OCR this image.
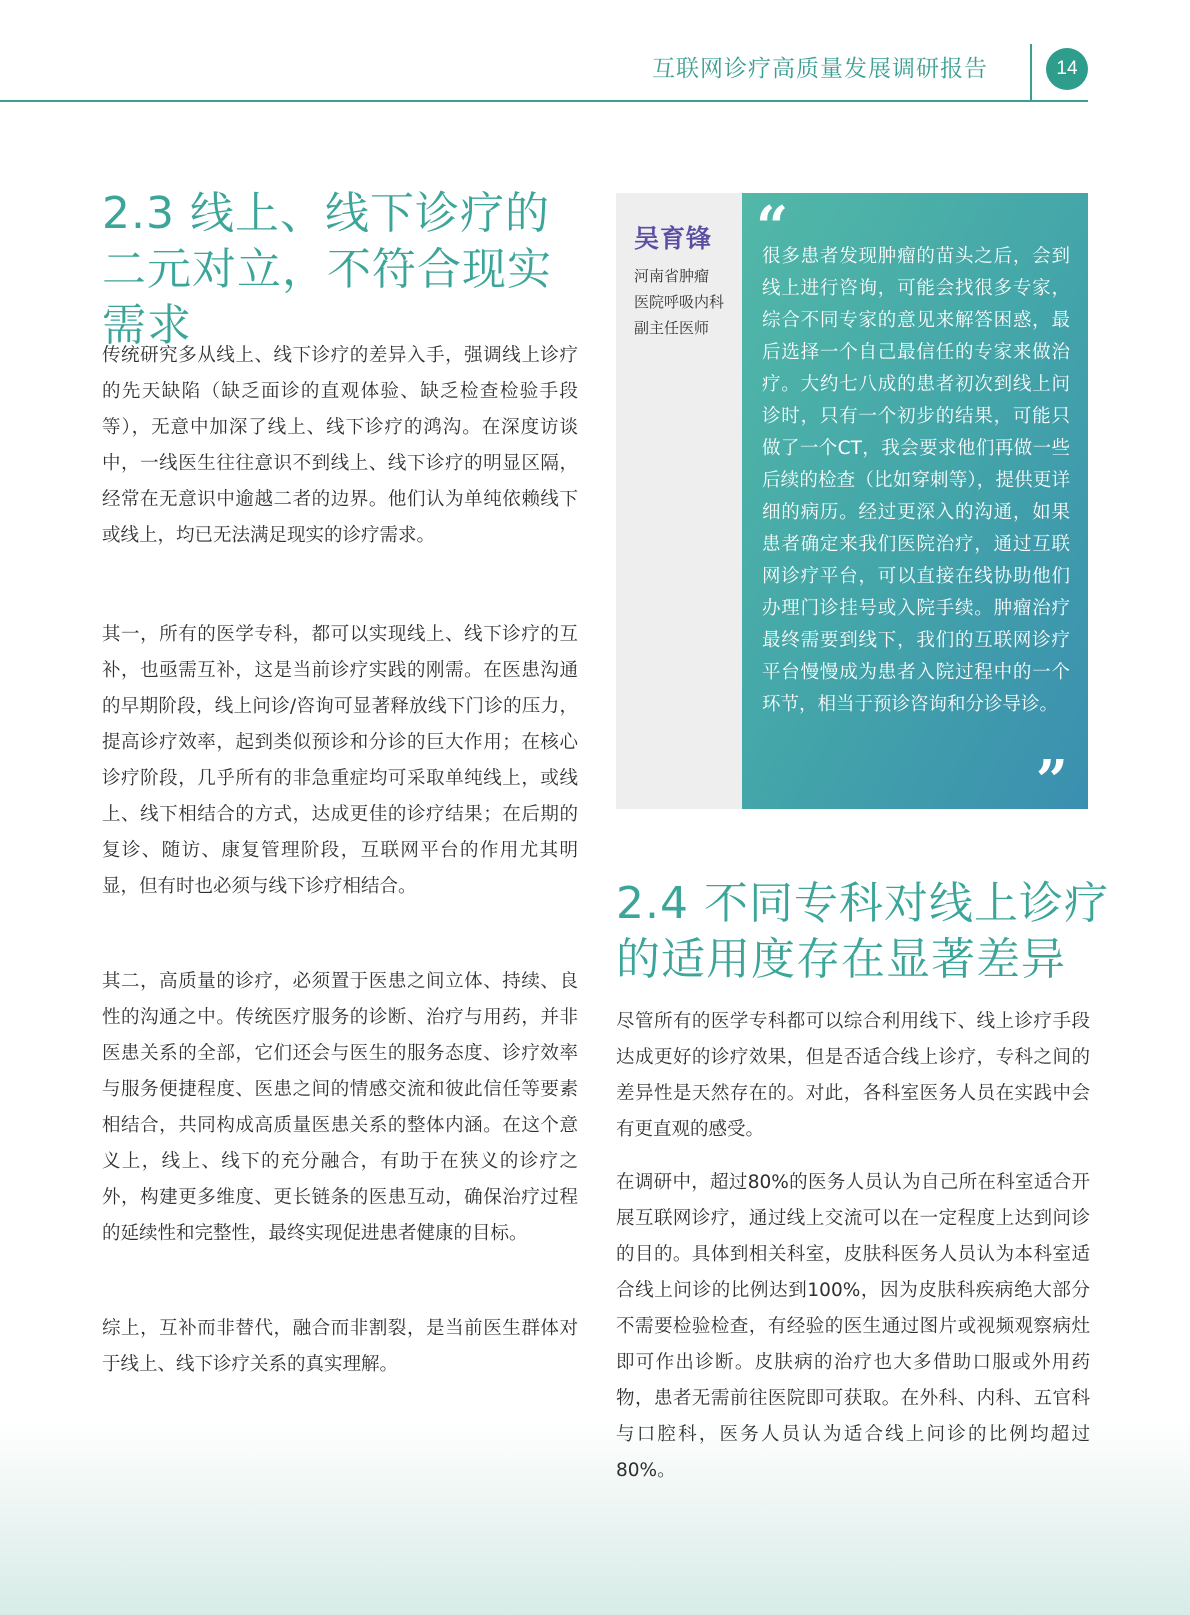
互联网诊疗高质量发展调研报告	14
2.3 线上、线下诊疗的二元对立，不符合现实需求

传统研究多从线上、线下诊疗的差异入手，强调线上诊疗的先天缺陷（缺乏面诊的直观体验、缺乏检查检验手段等），无意中加深了线上、线下诊疗的鸿沟。在深度访谈中，一线医生往往意识不到线上、线下诊疗的明显区隔，经常在无意识中逾越二者的边界。他们认为单纯依赖线下或线上，均已无法满足现实的诊疗需求。

其一，所有的医学专科，都可以实现线上、线下诊疗的互补，也亟需互补，这是当前诊疗实践的刚需。在医患沟通的早期阶段，线上问诊/咨询可显著释放线下门诊的压力，提高诊疗效率，起到类似预诊和分诊的巨大作用；在核心诊疗阶段，几乎所有的非急重症均可采取单纯线上，或线上、线下相结合的方式，达成更佳的诊疗结果；在后期的复诊、随访、康复管理阶段，互联网平台的作用尤其明显，但有时也必须与线下诊疗相结合。

其二，高质量的诊疗，必须置于医患之间立体、持续、良性的沟通之中。传统医疗服务的诊断、治疗与用药，并非医患关系的全部，它们还会与医生的服务态度、诊疗效率与服务便捷程度、医患之间的情感交流和彼此信任等要素相结合，共同构成高质量医患关系的整体内涵。在这个意义上，线上、线下的充分融合，有助于在狭义的诊疗之外，构建更多维度、更长链条的医患互动，确保治疗过程的延续性和完整性，最终实现促进患者健康的目标。

综上，互补而非替代，融合而非割裂，是当前医生群体对于线上、线下诊疗关系的真实理解。

吴育锋
河南省肿瘤
医院呼吸内科
副主任医师
“

很多患者发现肿瘤的苗头之后，会到线上进行咨询，可能会找很多专家，综合不同专家的意见来解答困惑，最后选择一个自己最信任的专家来做治疗。大约七八成的患者初次到线上问诊时，只有一个初步的结果，可能只做了一个CT，我会要求他们再做一些后续的检查（比如穿刺等），提供更详细的病历。经过更深入的沟通，如果患者确定来我们医院治疗，通过互联网诊疗平台，可以直接在线协助他们办理门诊挂号或入院手续。肿瘤治疗最终需要到线下，我们的互联网诊疗平台慢慢成为患者入院过程中的一个环节，相当于预诊咨询和分诊导诊。

”
2.4 不同专科对线上诊疗的适用度存在显著差异

尽管所有的医学专科都可以综合利用线下、线上诊疗手段达成更好的诊疗效果，但是否适合线上诊疗，专科之间的差异性是天然存在的。对此，各科室医务人员在实践中会有更直观的感受。

在调研中，超过80%的医务人员认为自己所在科室适合开展互联网诊疗，通过线上交流可以在一定程度上达到问诊的目的。具体到相关科室，皮肤科医务人员认为本科室适合线上问诊的比例达到100%，因为皮肤科疾病绝大部分不需要检验检查，有经验的医生通过图片或视频观察病灶即可作出诊断。皮肤病的治疗也大多借助口服或外用药物，患者无需前往医院即可获取。在外科、内科、五官科与口腔科，医务人员认为适合线上问诊的比例均超过80%。
